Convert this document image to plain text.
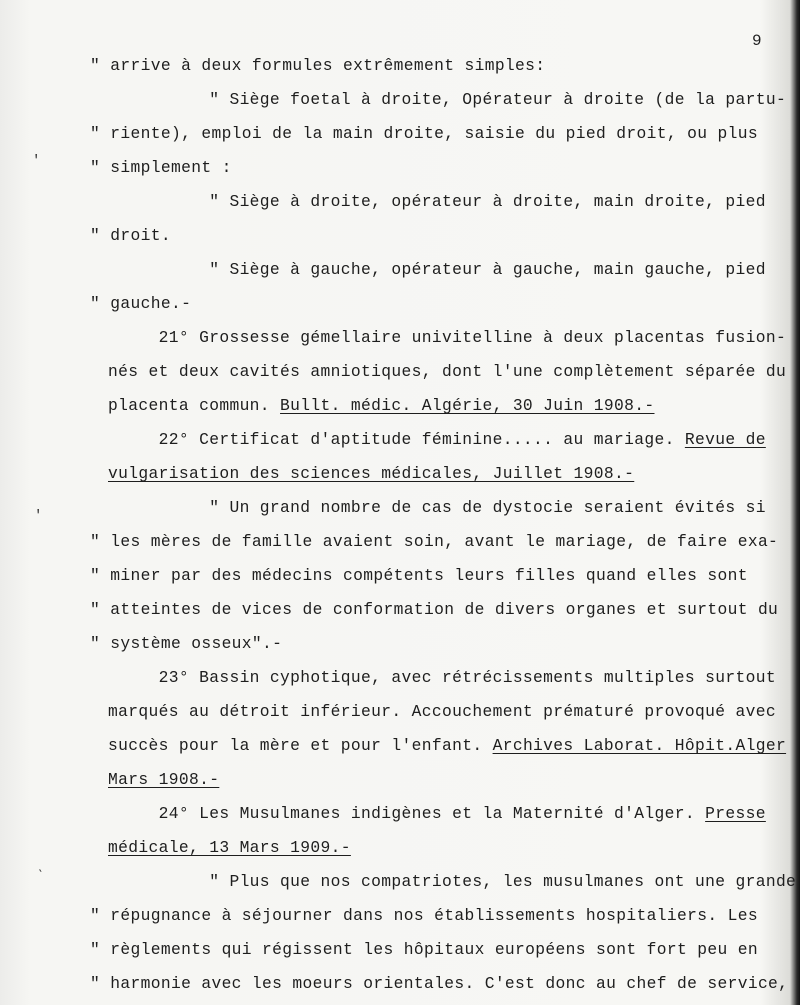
9
′
′
‵
" arrive à deux formules extrêmement simples:
" Siège foetal à droite, Opérateur à droite (de la partu-
" riente), emploi de la main droite, saisie du pied droit, ou plus
" simplement :
" Siège à droite, opérateur à droite, main droite, pied
" droit.
" Siège à gauche, opérateur à gauche, main gauche, pied
" gauche.-
21° Grossesse gémellaire univitelline à deux placentas fusion-
nés et deux cavités amniotiques, dont l'une complètement séparée du
placenta commun. Bullt. médic. Algérie, 30 Juin 1908.-
22° Certificat d'aptitude féminine..... au mariage. Revue de
vulgarisation des sciences médicales, Juillet 1908.-
" Un grand nombre de cas de dystocie seraient évités si
" les mères de famille avaient soin, avant le mariage, de faire exa-
" miner par des médecins compétents leurs filles quand elles sont
" atteintes de vices de conformation de divers organes et surtout du
" système osseux".-
23° Bassin cyphotique, avec rétrécissements multiples surtout
marqués au détroit inférieur. Accouchement prématuré provoqué avec
succès pour la mère et pour l'enfant. Archives Laborat. Hôpit.Alger
Mars 1908.-
24° Les Musulmanes indigènes et la Maternité d'Alger. Presse
médicale, 13 Mars 1909.-
" Plus que nos compatriotes, les musulmanes ont une grande
" répugnance à séjourner dans nos établissements hospitaliers. Les
" règlements qui régissent les hôpitaux européens sont fort peu en
" harmonie avec les moeurs orientales. C'est donc au chef de service,
